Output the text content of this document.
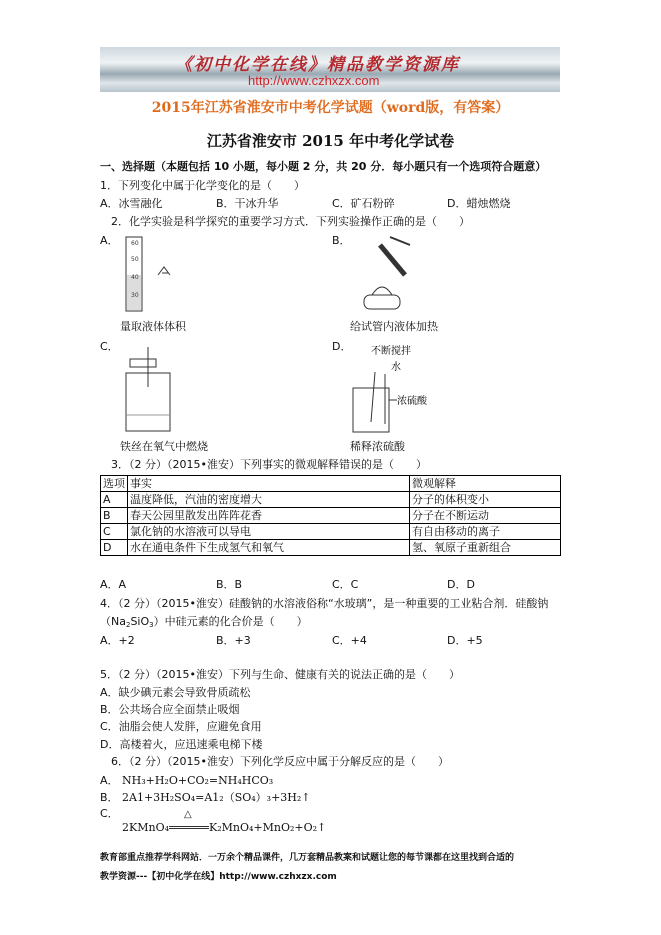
《初中化学在线》精品教学资源库
http://www.czhxzx.com
2015年江苏省淮安市中考化学试题（word版，有答案）
江苏省淮安市 2015 年中考化学试卷
一、选择题（本题包括 10 小题，每小题 2 分，共 20 分．每小题只有一个选项符合题意）
1．下列变化中属于化学变化的是（　　）
A．冰雪融化	B．干冰升华	C．矿石粉碎	D．蜡烛燃烧
2．化学实验是科学探究的重要学习方式．下列实验操作正确的是（　　）
A．	B．
60
50
40
30
量取液体体积	给试管内液体加热
C．	D． 不断搅拌
水
浓硫酸
铁丝在氧气中燃烧	稀释浓硫酸
3．（2 分）（2015•淮安）下列事实的微观解释错误的是（　　）
选项	事实	微观解释
A	温度降低，汽油的密度增大	分子的体积变小
B	春天公园里散发出阵阵花香	分子在不断运动
C	氯化钠的水溶液可以导电	有自由移动的离子
D	水在通电条件下生成氢气和氧气	氢、氧原子重新组合
A．A	B．B	C．C	D．D
4．（2 分）（2015•淮安）硅酸钠的水溶液俗称“水玻璃”，是一种重要的工业粘合剂．硅酸钠
$(Na_2SiO_3)$中硅元素的化合价是（　　）
A．+2	B．+3	C．+4	D．+5
5．（2 分）（2015•淮安）下列与生命、健康有关的说法正确的是（　　）
A．缺少碘元素会导致骨质疏松
B．公共场合应全面禁止吸烟
C．油脂会使人发胖，应避免食用
D．高楼着火，应迅速乘电梯下楼
6．（2 分）（2015•淮安）下列化学反应中属于分解反应的是（　　）
A． NH₃+H₂O+CO₂=NH₄HCO₃
B． 2A1+3H₂SO₄=A1₂（SO₄）₃+3H₂↑
C．
2KMnO₄
△
K₂MnO₄+MnO₂+O₂↑
教育部重点推荐学科网站．一万余个精品课件，几万套精品教案和试题让您的每节课都在这里找到合适的
教学资源---【初中化学在线】http://www.czhxzx.com
